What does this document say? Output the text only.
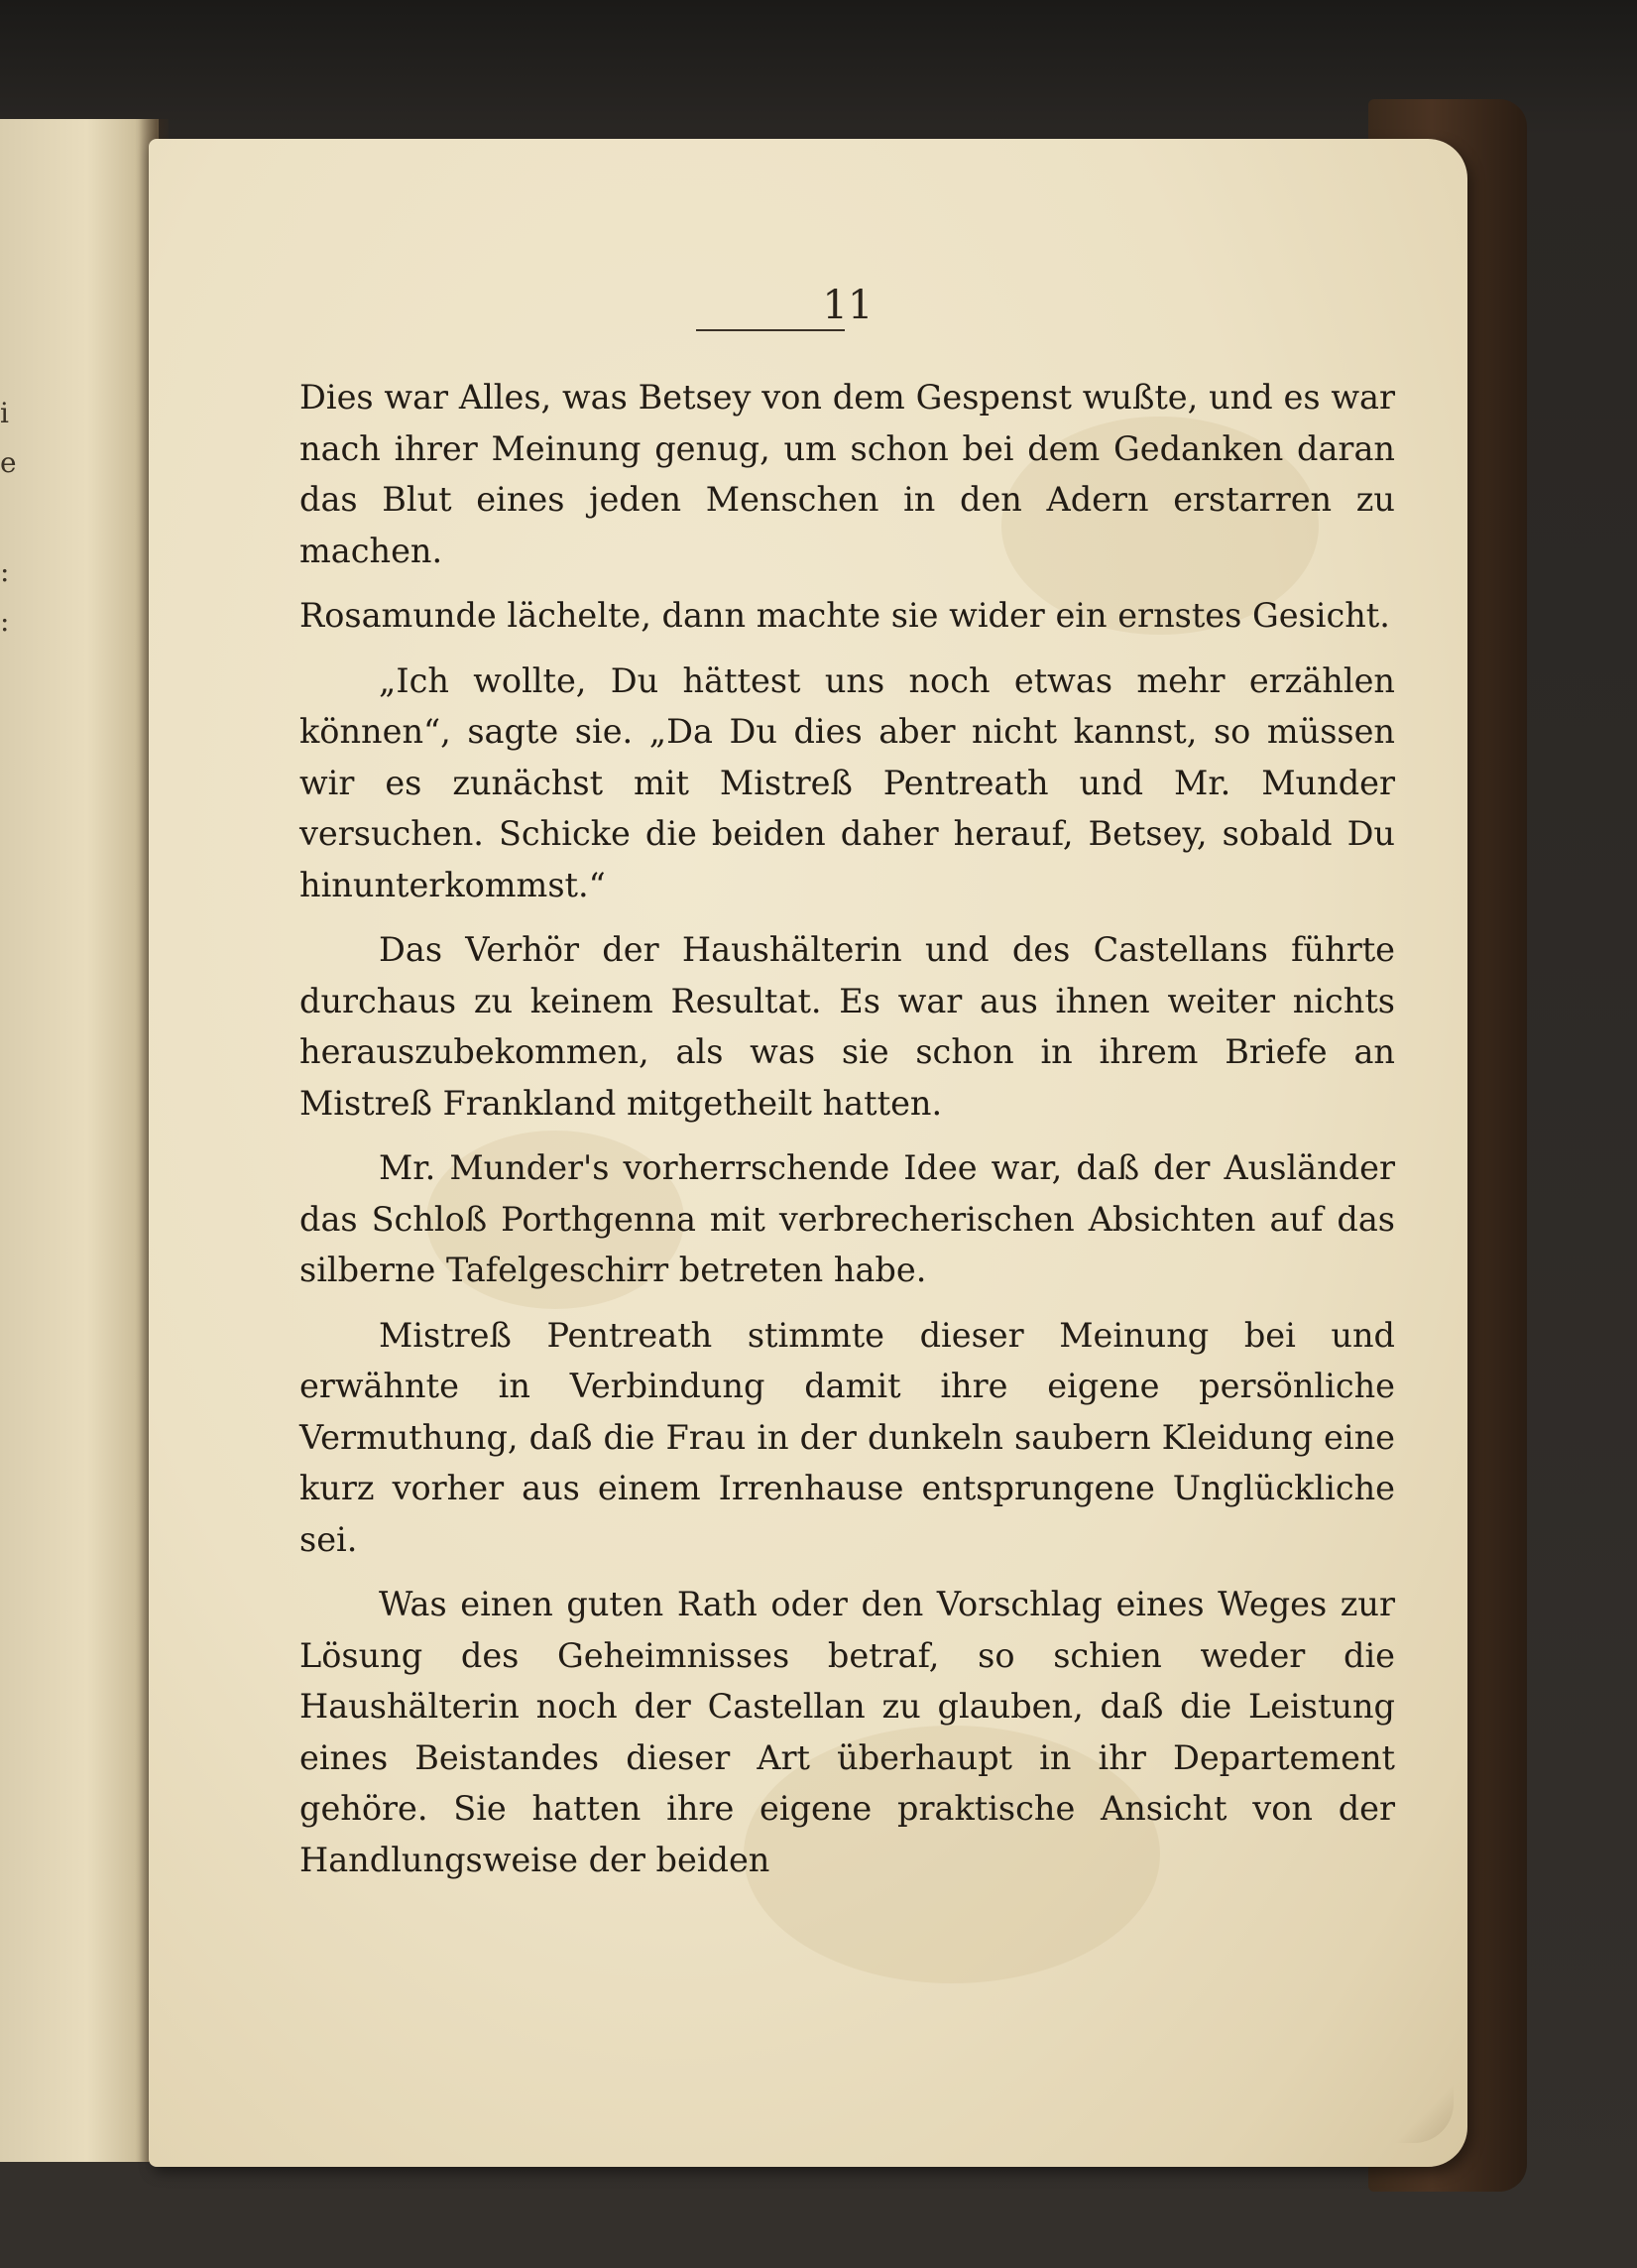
i
e
:
:
11

Dies war Alles, was Betsey von dem Gespenst wußte, und es war nach ihrer Meinung genug, um schon bei dem Gedanken daran das Blut eines jeden Menschen in den Adern erstarren zu machen.

Rosamunde lächelte, dann machte sie wider ein ernstes Gesicht.

„Ich wollte, Du hättest uns noch etwas mehr erzählen können“, sagte sie. „Da Du dies aber nicht kannst, so müssen wir es zunächst mit Mistreß Pentreath und Mr. Munder versuchen. Schicke die beiden daher herauf, Betsey, sobald Du hinunterkommst.“

Das Verhör der Haushälterin und des Castellans führte durchaus zu keinem Resultat. Es war aus ihnen weiter nichts herauszubekommen, als was sie schon in ihrem Briefe an Mistreß Frankland mitgetheilt hatten.

Mr. Munder's vorherrschende Idee war, daß der Ausländer das Schloß Porthgenna mit verbrecherischen Absichten auf das silberne Tafelgeschirr betreten habe.

Mistreß Pentreath stimmte dieser Meinung bei und erwähnte in Verbindung damit ihre eigene persönliche Vermuthung, daß die Frau in der dunkeln saubern Kleidung eine kurz vorher aus einem Irrenhause entsprungene Unglückliche sei.

Was einen guten Rath oder den Vorschlag eines Weges zur Lösung des Geheimnisses betraf, so schien weder die Haushälterin noch der Castellan zu glauben, daß die Leistung eines Beistandes dieser Art überhaupt in ihr Departement gehöre. Sie hatten ihre eigene praktische Ansicht von der Handlungsweise der beiden
